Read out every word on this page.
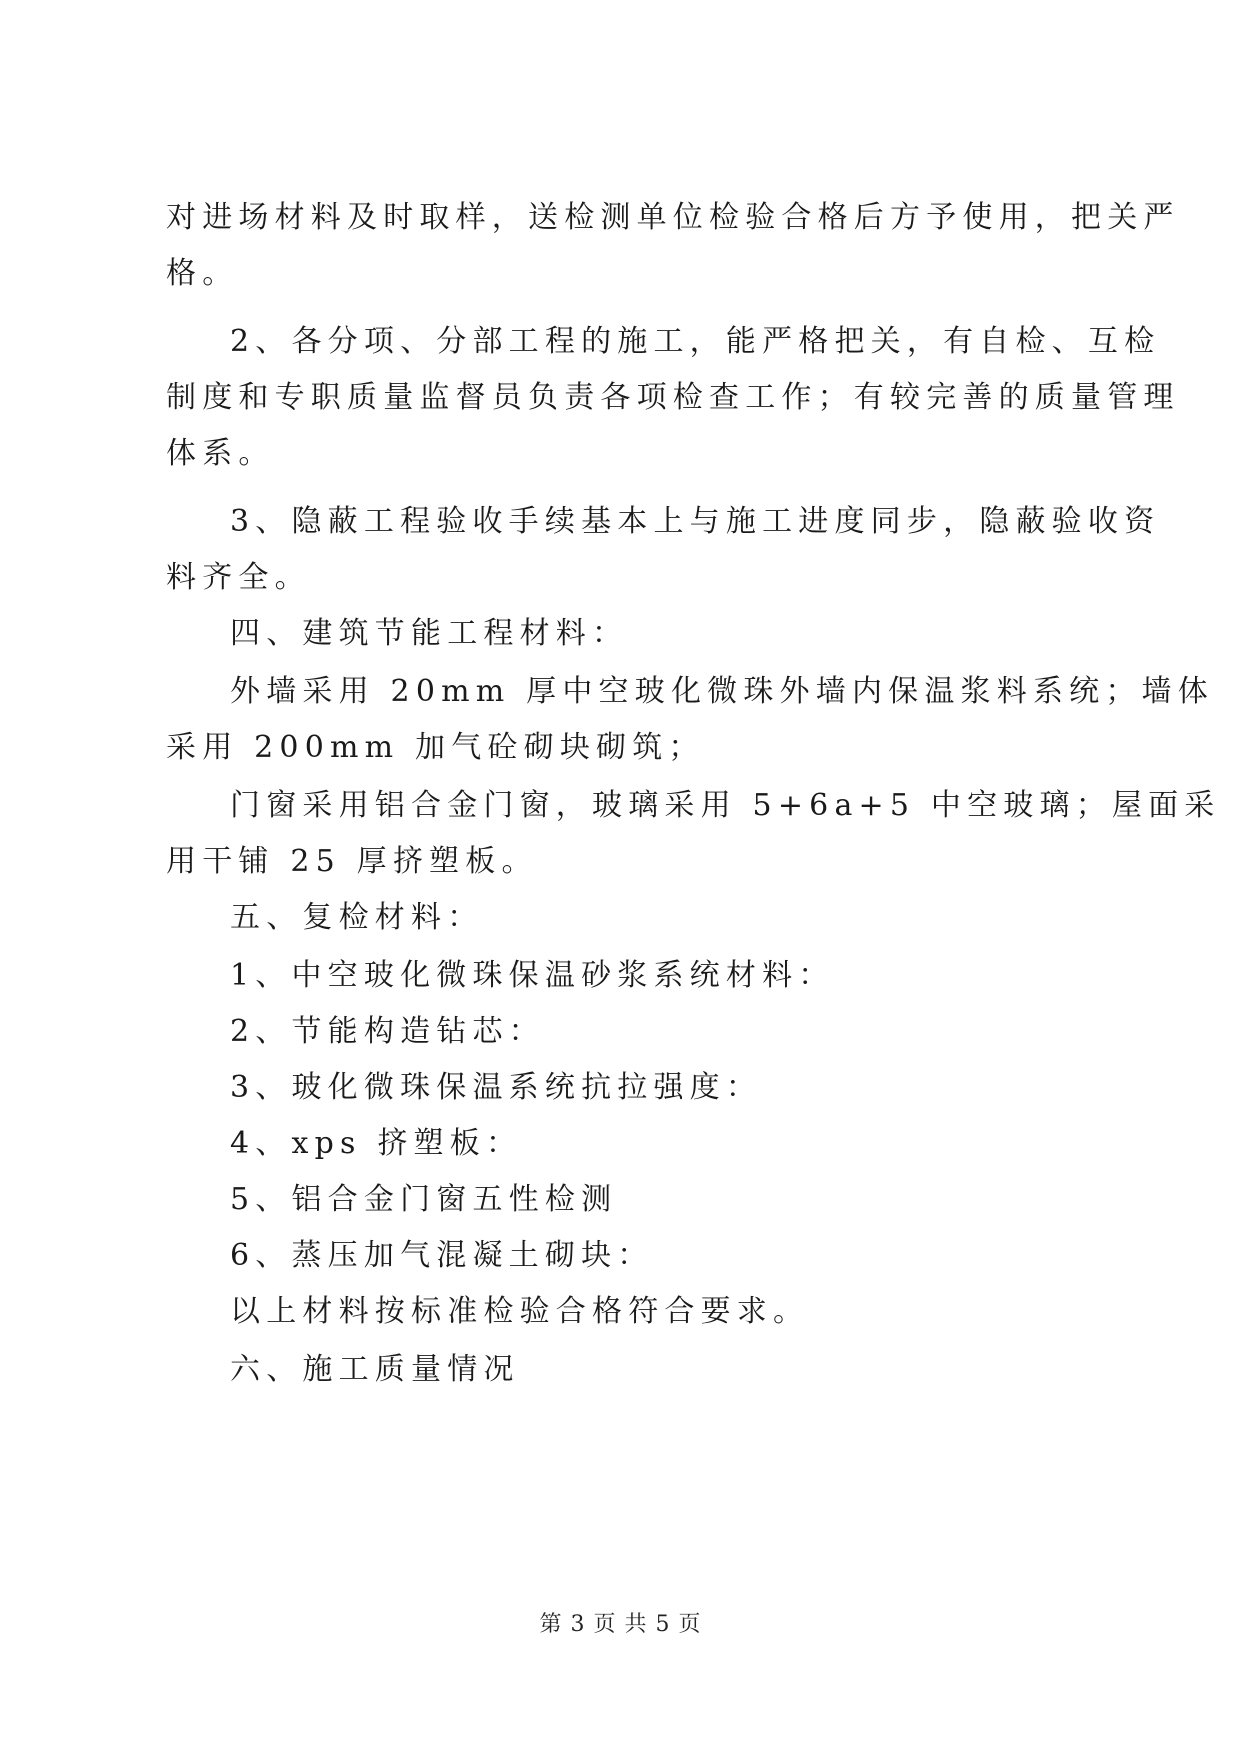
对进场材料及时取样，送检测单位检验合格后方予使用，把关严
格。
2、各分项、分部工程的施工，能严格把关，有自检、互检
制度和专职质量监督员负责各项检查工作；有较完善的质量管理
体系。
3、隐蔽工程验收手续基本上与施工进度同步，隐蔽验收资
料齐全。
四、建筑节能工程材料：
外墙采用 20mm 厚中空玻化微珠外墙内保温浆料系统；墙体
采用 200mm 加气砼砌块砌筑；
门窗采用铝合金门窗，玻璃采用 5+6a+5 中空玻璃；屋面采
用干铺 25 厚挤塑板。
五、复检材料：
1、中空玻化微珠保温砂浆系统材料：
2、节能构造钻芯：
3、玻化微珠保温系统抗拉强度：
4、xps 挤塑板：
5、铝合金门窗五性检测
6、蒸压加气混凝土砌块：
以上材料按标准检验合格符合要求。
六、施工质量情况
第 3 页 共 5 页
